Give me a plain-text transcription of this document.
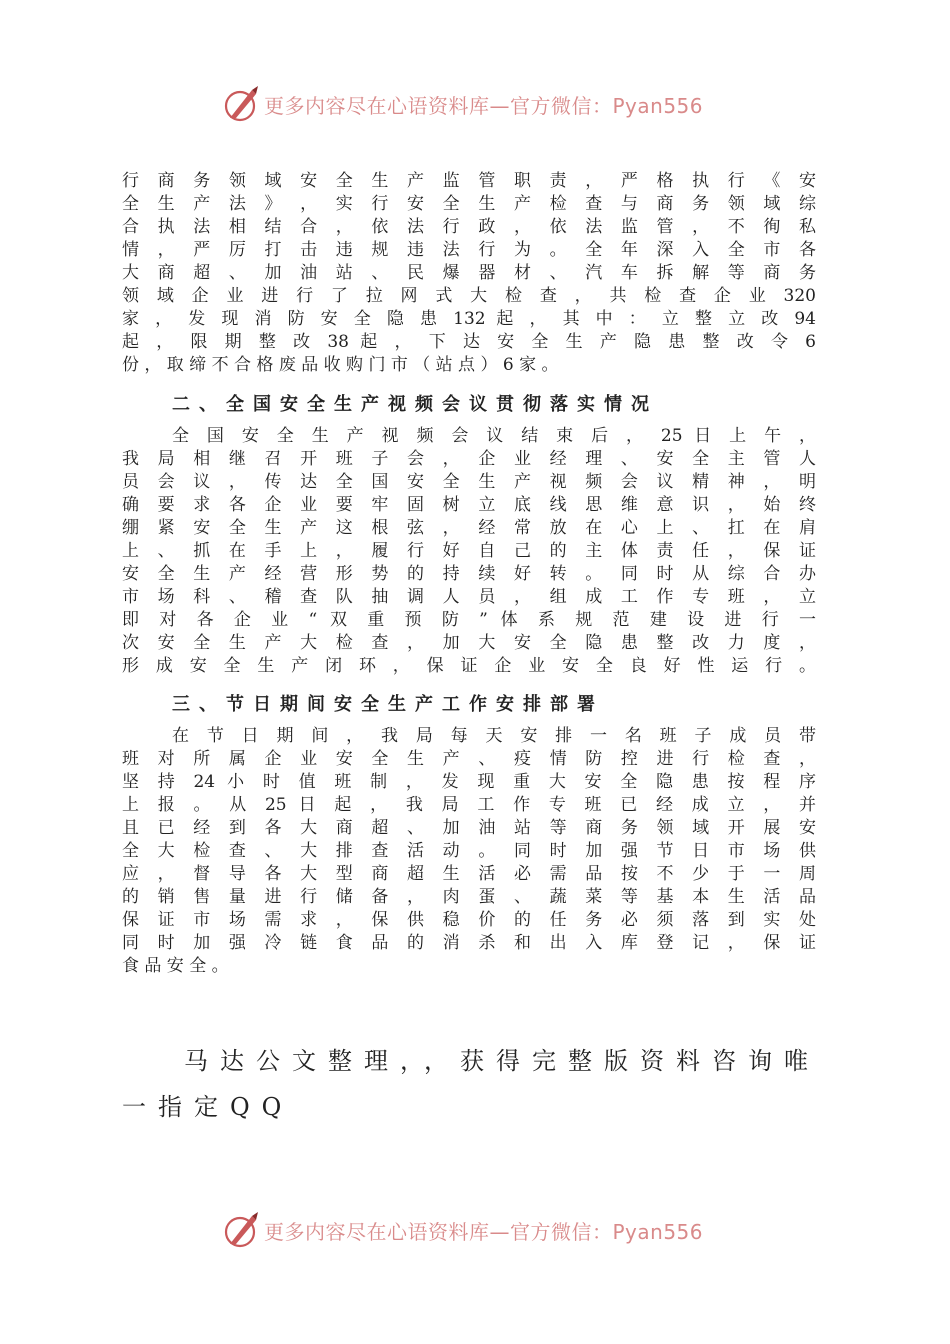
更多内容尽在心语资料库—官方微信：Pyan556
行 商 务 领 域 安 全 生 产 监 管 职 责 ， 严 格 执 行 《 安
全 生 产 法 》 ， 实 行 安 全 生 产 检 查 与 商 务 领 域 综
合 执 法 相 结 合 ， 依 法 行 政 ， 依 法 监 管 ， 不 徇 私
情 ， 严 厉 打 击 违 规 违 法 行 为 。 全 年 深 入 全 市 各
大 商 超 、 加 油 站 、 民 爆 器 材 、 汽 车 拆 解 等 商 务
领 域 企 业 进 行 了 拉 网 式 大 检 查 ， 共 检 查 企 业 320
家 ， 发 现 消 防 安 全 隐 患 132 起 ， 其 中 ： 立 整 立 改 94
起 ， 限 期 整 改 38 起 ， 下 达 安 全 生 产 隐 患 整 改 令 6
份 ， 取 缔 不 合 格 废 品 收 购 门 市 （ 站 点 ） 6 家 。
二、全国安全生产视频会议贯彻落实情况
全 国 安 全 生 产 视 频 会 议 结 束 后 ， 25 日 上 午 ，
我 局 相 继 召 开 班 子 会 ， 企 业 经 理 、 安 全 主 管 人
员 会 议 ， 传 达 全 国 安 全 生 产 视 频 会 议 精 神 ， 明
确 要 求 各 企 业 要 牢 固 树 立 底 线 思 维 意 识 ， 始 终
绷 紧 安 全 生 产 这 根 弦 ， 经 常 放 在 心 上 、 扛 在 肩
上 、 抓 在 手 上 ， 履 行 好 自 己 的 主 体 责 任 ， 保 证
安 全 生 产 经 营 形 势 的 持 续 好 转 。 同 时 从 综 合 办
市 场 科 、 稽 查 队 抽 调 人 员 ， 组 成 工 作 专 班 ， 立
即 对 各 企 业 “ 双 重 预 防 ” 体 系 规 范 建 设 进 行 一
次 安 全 生 产 大 检 查 ， 加 大 安 全 隐 患 整 改 力 度 ，
形 成 安 全 生 产 闭 环 ， 保 证 企 业 安 全 良 好 性 运 行 。
三、节日期间安全生产工作安排部署
在 节 日 期 间 ， 我 局 每 天 安 排 一 名 班 子 成 员 带
班 对 所 属 企 业 安 全 生 产 、 疫 情 防 控 进 行 检 查 ，
坚 持 24 小 时 值 班 制 ， 发 现 重 大 安 全 隐 患 按 程 序
上 报 。 从 25 日 起 ， 我 局 工 作 专 班 已 经 成 立 ， 并
且 已 经 到 各 大 商 超 、 加 油 站 等 商 务 领 域 开 展 安
全 大 检 查 、 大 排 查 活 动 。 同 时 加 强 节 日 市 场 供
应 ， 督 导 各 大 型 商 超 生 活 必 需 品 按 不 少 于 一 周
的 销 售 量 进 行 储 备 ， 肉 蛋 、 蔬 菜 等 基 本 生 活 品
保 证 市 场 需 求 ， 保 供 稳 价 的 任 务 必 须 落 到 实 处
同 时 加 强 冷 链 食 品 的 消 杀 和 出 入 库 登 记 ， 保 证
食 品 安 全 。
马达公文整理，，获得完整版资料咨询唯
一指定QQ
更多内容尽在心语资料库—官方微信：Pyan556
